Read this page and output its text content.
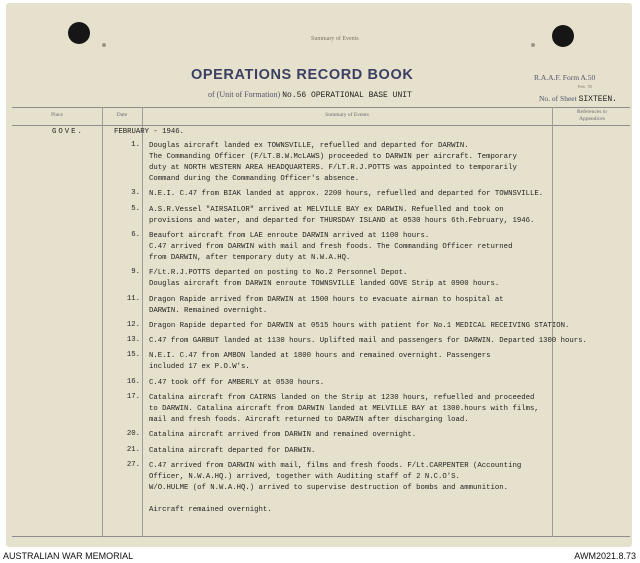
Summary of Events
OPERATIONS RECORD BOOK
of (Unit of Formation) No.56 OPERATIONAL BASE UNIT
R.A.A.F. Form A.50
Feb. '35
No. of Sheet SIXTEEN.
Place	Date	Summary of Events	References to
Appendices
GOVE.	FEBRUARY - 1946.
1. Douglas aircraft landed ex TOWNSVILLE, refuelled and departed for DARWIN.
The Commanding Officer (F/LT.B.W.McLAWS) proceeded to DARWIN per aircraft. Temporary
duty at NORTH WESTERN AREA HEADQUARTERS. F/LT.R.J.POTTS was appointed to temporarily
Command during the Commanding Officer's absence.
3. N.E.I. C.47 from BIAK landed at approx. 2200 hours, refuelled and departed for TOWNSVILLE.
5. A.S.R.Vessel "AIRSAILOR" arrived at MELVILLE BAY ex DARWIN. Refuelled and took on
provisions and water, and departed for THURSDAY ISLAND at 0530 hours 6th.February, 1946.
6. Beaufort aircraft from LAE enroute DARWIN arrived at 1100 hours.
C.47 arrived from DARWIN with mail and fresh foods. The Commanding Officer returned
from DARWIN, after temporary duty at N.W.A.HQ.
9. F/Lt.R.J.POTTS departed on posting to No.2 Personnel Depot.
Douglas aircraft from DARWIN enroute TOWNSVILLE landed GOVE Strip at 0900 hours.
11. Dragon Rapide arrived from DARWIN at 1500 hours to evacuate airman to hospital at
DARWIN. Remained overnight.
12. Dragon Rapide departed for DARWIN at 0515 hours with patient for No.1 MEDICAL RECEIVING STATION.
13. C.47 from GARBUT landed at 1130 hours. Uplifted mail and passengers for DARWIN. Departed 1300 hours.
15. N.E.I. C.47 from AMBON landed at 1800 hours and remained overnight. Passengers
included 17 ex P.O.W's.
16. C.47 took off for AMBERLY at 0530 hours.
17. Catalina aircraft from CAIRNS landed on the Strip at 1230 hours, refuelled and proceeded
to DARWIN. Catalina aircraft from DARWIN landed at MELVILLE BAY at 1300.hours with films,
mail and fresh foods. Aircraft returned to DARWIN after discharging load.
20. Catalina aircraft arrived from DARWIN and remained overnight.
21. Catalina aircraft departed for DARWIN.
27. C.47 arrived from DARWIN with mail, films and fresh foods. F/Lt.CARPENTER (Accounting
Officer, N.W.A.HQ.) arrived, together with Auditing staff of 2 N.C.O'S.
W/O.HULME (of N.W.A.HQ.) arrived to supervise destruction of bombs and ammunition.
Aircraft remained overnight.
AUSTRALIAN WAR MEMORIAL	AWM2021.8.73
